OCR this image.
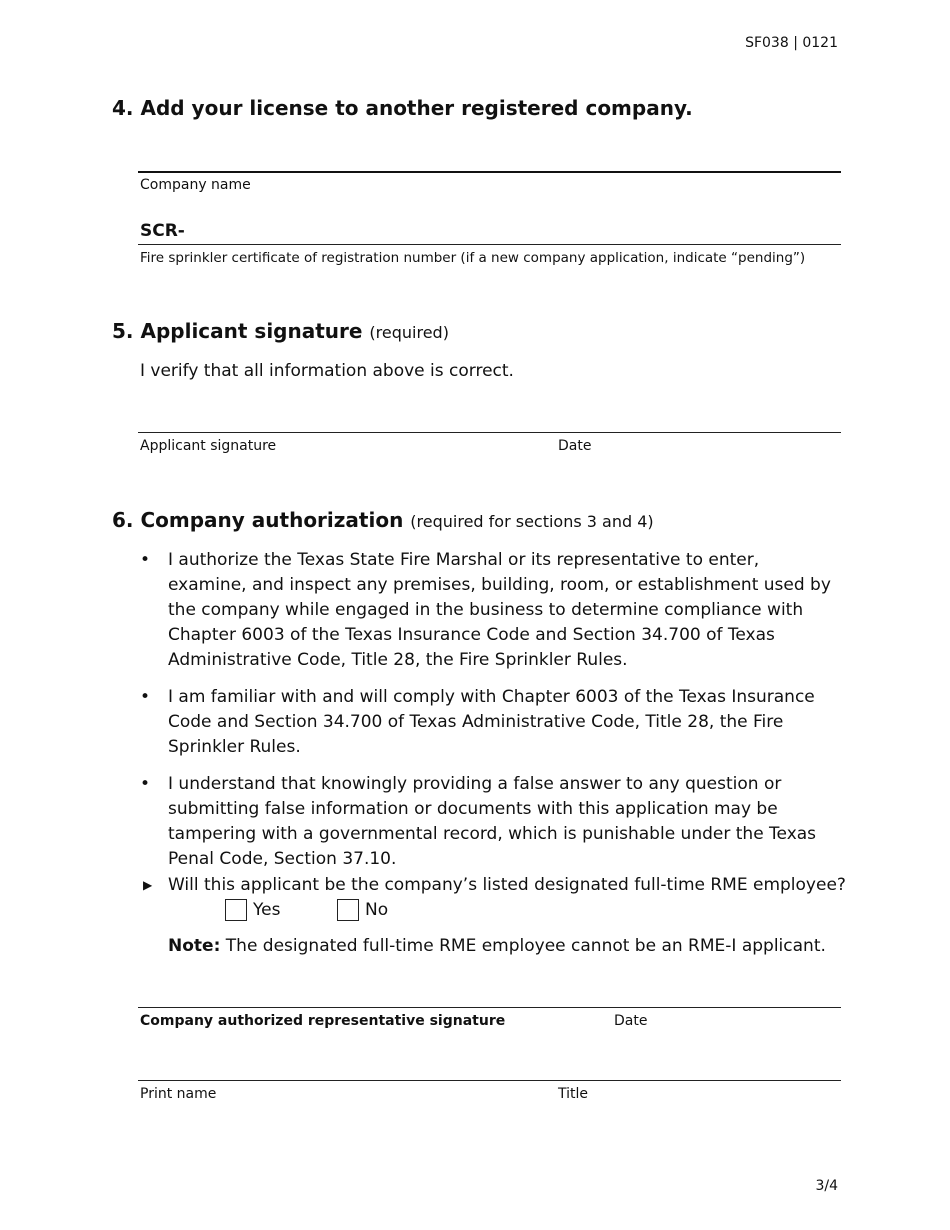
SF038 | 0121
4. Add your license to another registered company.
Company name
SCR-
Fire sprinkler certificate of registration number (if a new company application, indicate “pending”)
5. Applicant signature (required)
I verify that all information above is correct.
Applicant signature	Date
6. Company authorization (required for sections 3 and 4)
• I authorize the Texas State Fire Marshal or its representative to enter, examine, and inspect any premises, building, room, or establishment used by the company while engaged in the business to determine compliance with Chapter 6003 of the Texas Insurance Code and Section 34.700 of Texas Administrative Code, Title 28, the Fire Sprinkler Rules.
• I am familiar with and will comply with Chapter 6003 of the Texas Insurance Code and Section 34.700 of Texas Administrative Code, Title 28, the Fire Sprinkler Rules.
• I understand that knowingly providing a false answer to any question or submitting false information or documents with this application may be tampering with a governmental record, which is punishable under the Texas Penal Code, Section 37.10.
▶ Will this applicant be the company’s listed designated full-time RME employee?
Yes	No
Note: The designated full-time RME employee cannot be an RME-I applicant.
Company authorized representative signature	Date
Print name	Title
3/4
